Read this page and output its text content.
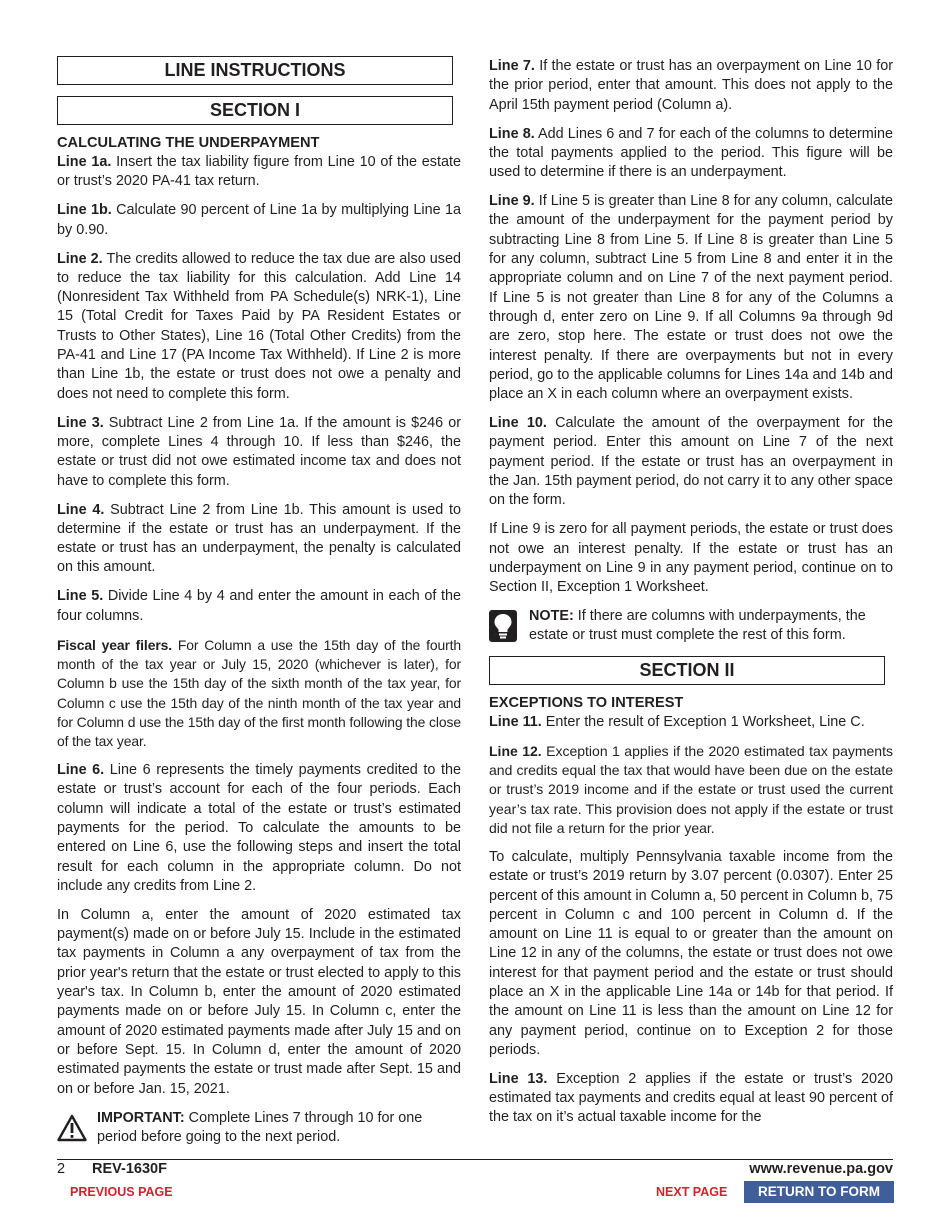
LINE INSTRUCTIONS
SECTION I
CALCULATING THE UNDERPAYMENT

Line 1a. Insert the tax liability figure from Line 10 of the estate or trust’s 2020 PA-41 tax return.

Line 1b. Calculate 90 percent of Line 1a by multiplying Line 1a by 0.90.

Line 2. The credits allowed to reduce the tax due are also used to reduce the tax liability for this calculation. Add Line 14 (Nonresident Tax Withheld from PA Schedule(s) NRK-1), Line 15 (Total Credit for Taxes Paid by PA Resident Estates or Trusts to Other States), Line 16 (Total Other Credits) from the PA-41 and Line 17 (PA Income Tax Withheld). If Line 2 is more than Line 1b, the estate or trust does not owe a penalty and does not need to complete this form.

Line 3. Subtract Line 2 from Line 1a. If the amount is $246 or more, complete Lines 4 through 10. If less than $246, the estate or trust did not owe estimated income tax and does not have to complete this form.

Line 4. Subtract Line 2 from Line 1b. This amount is used to determine if the estate or trust has an underpayment. If the estate or trust has an underpayment, the penalty is calculated on this amount.

Line 5. Divide Line 4 by 4 and enter the amount in each of the four columns.

Fiscal year filers. For Column a use the 15th day of the fourth month of the tax year or July 15, 2020 (whichever is later), for Column b use the 15th day of the sixth month of the tax year, for Column c use the 15th day of the ninth month of the tax year and for Column d use the 15th day of the first month following the close of the tax year.

Line 6. Line 6 represents the timely payments credited to the estate or trust’s account for each of the four periods. Each column will indicate a total of the estate or trust’s estimated payments for the period. To calculate the amounts to be entered on Line 6, use the following steps and insert the total result for each column in the appropriate column. Do not include any credits from Line 2.

In Column a, enter the amount of 2020 estimated tax payment(s) made on or before July 15. Include in the estimated tax payments in Column a any overpayment of tax from the prior year's return that the estate or trust elected to apply to this year's tax. In Column b, enter the amount of 2020 estimated payments made on or before July 15. In Column c, enter the amount of 2020 estimated payments made after July 15 and on or before Sept. 15. In Column d, enter the amount of 2020 estimated payments the estate or trust made after Sept. 15 and on or before Jan. 15, 2021.

IMPORTANT: Complete Lines 7 through 10 for one period before going to the next period.

Line 7. If the estate or trust has an overpayment on Line 10 for the prior period, enter that amount. This does not apply to the April 15th payment period (Column a).

Line 8. Add Lines 6 and 7 for each of the columns to determine the total payments applied to the period. This figure will be used to determine if there is an underpayment.

Line 9. If Line 5 is greater than Line 8 for any column, calculate the amount of the underpayment for the payment period by subtracting Line 8 from Line 5. If Line 8 is greater than Line 5 for any column, subtract Line 5 from Line 8 and enter it in the appropriate column and on Line 7 of the next payment period. If Line 5 is not greater than Line 8 for any of the Columns a through d, enter zero on Line 9. If all Columns 9a through 9d are zero, stop here. The estate or trust does not owe the interest penalty. If there are overpayments but not in every period, go to the applicable columns for Lines 14a and 14b and place an X in each column where an overpayment exists.

Line 10. Calculate the amount of the overpayment for the payment period. Enter this amount on Line 7 of the next payment period. If the estate or trust has an overpayment in the Jan. 15th payment period, do not carry it to any other space on the form.

If Line 9 is zero for all payment periods, the estate or trust does not owe an interest penalty. If the estate or trust has an underpayment on Line 9 in any payment period, continue on to Section II, Exception 1 Worksheet.

NOTE: If there are columns with underpayments, the estate or trust must complete the rest of this form.
SECTION II
EXCEPTIONS TO INTEREST

Line 11. Enter the result of Exception 1 Worksheet, Line C.

Line 12. Exception 1 applies if the 2020 estimated tax payments and credits equal the tax that would have been due on the estate or trust’s 2019 income and if the estate or trust used the current year’s tax rate. This provision does not apply if the estate or trust did not file a return for the prior year.

To calculate, multiply Pennsylvania taxable income from the estate or trust’s 2019 return by 3.07 percent (0.0307). Enter 25 percent of this amount in Column a, 50 percent in Column b, 75 percent in Column c and 100 percent in Column d. If the amount on Line 11 is equal to or greater than the amount on Line 12 in any of the columns, the estate or trust does not owe interest for that payment period and the estate or trust should place an X in the applicable Line 14a or 14b for that period. If the amount on Line 11 is less than the amount on Line 12 for any payment period, continue on to Exception 2 for those periods.

Line 13. Exception 2 applies if the estate or trust’s 2020 estimated tax payments and credits equal at least 90 percent of the tax on it’s actual taxable income for the

2 REV-1630F	www.revenue.pa.gov
PREVIOUS PAGE	NEXT PAGE	RETURN TO FORM
